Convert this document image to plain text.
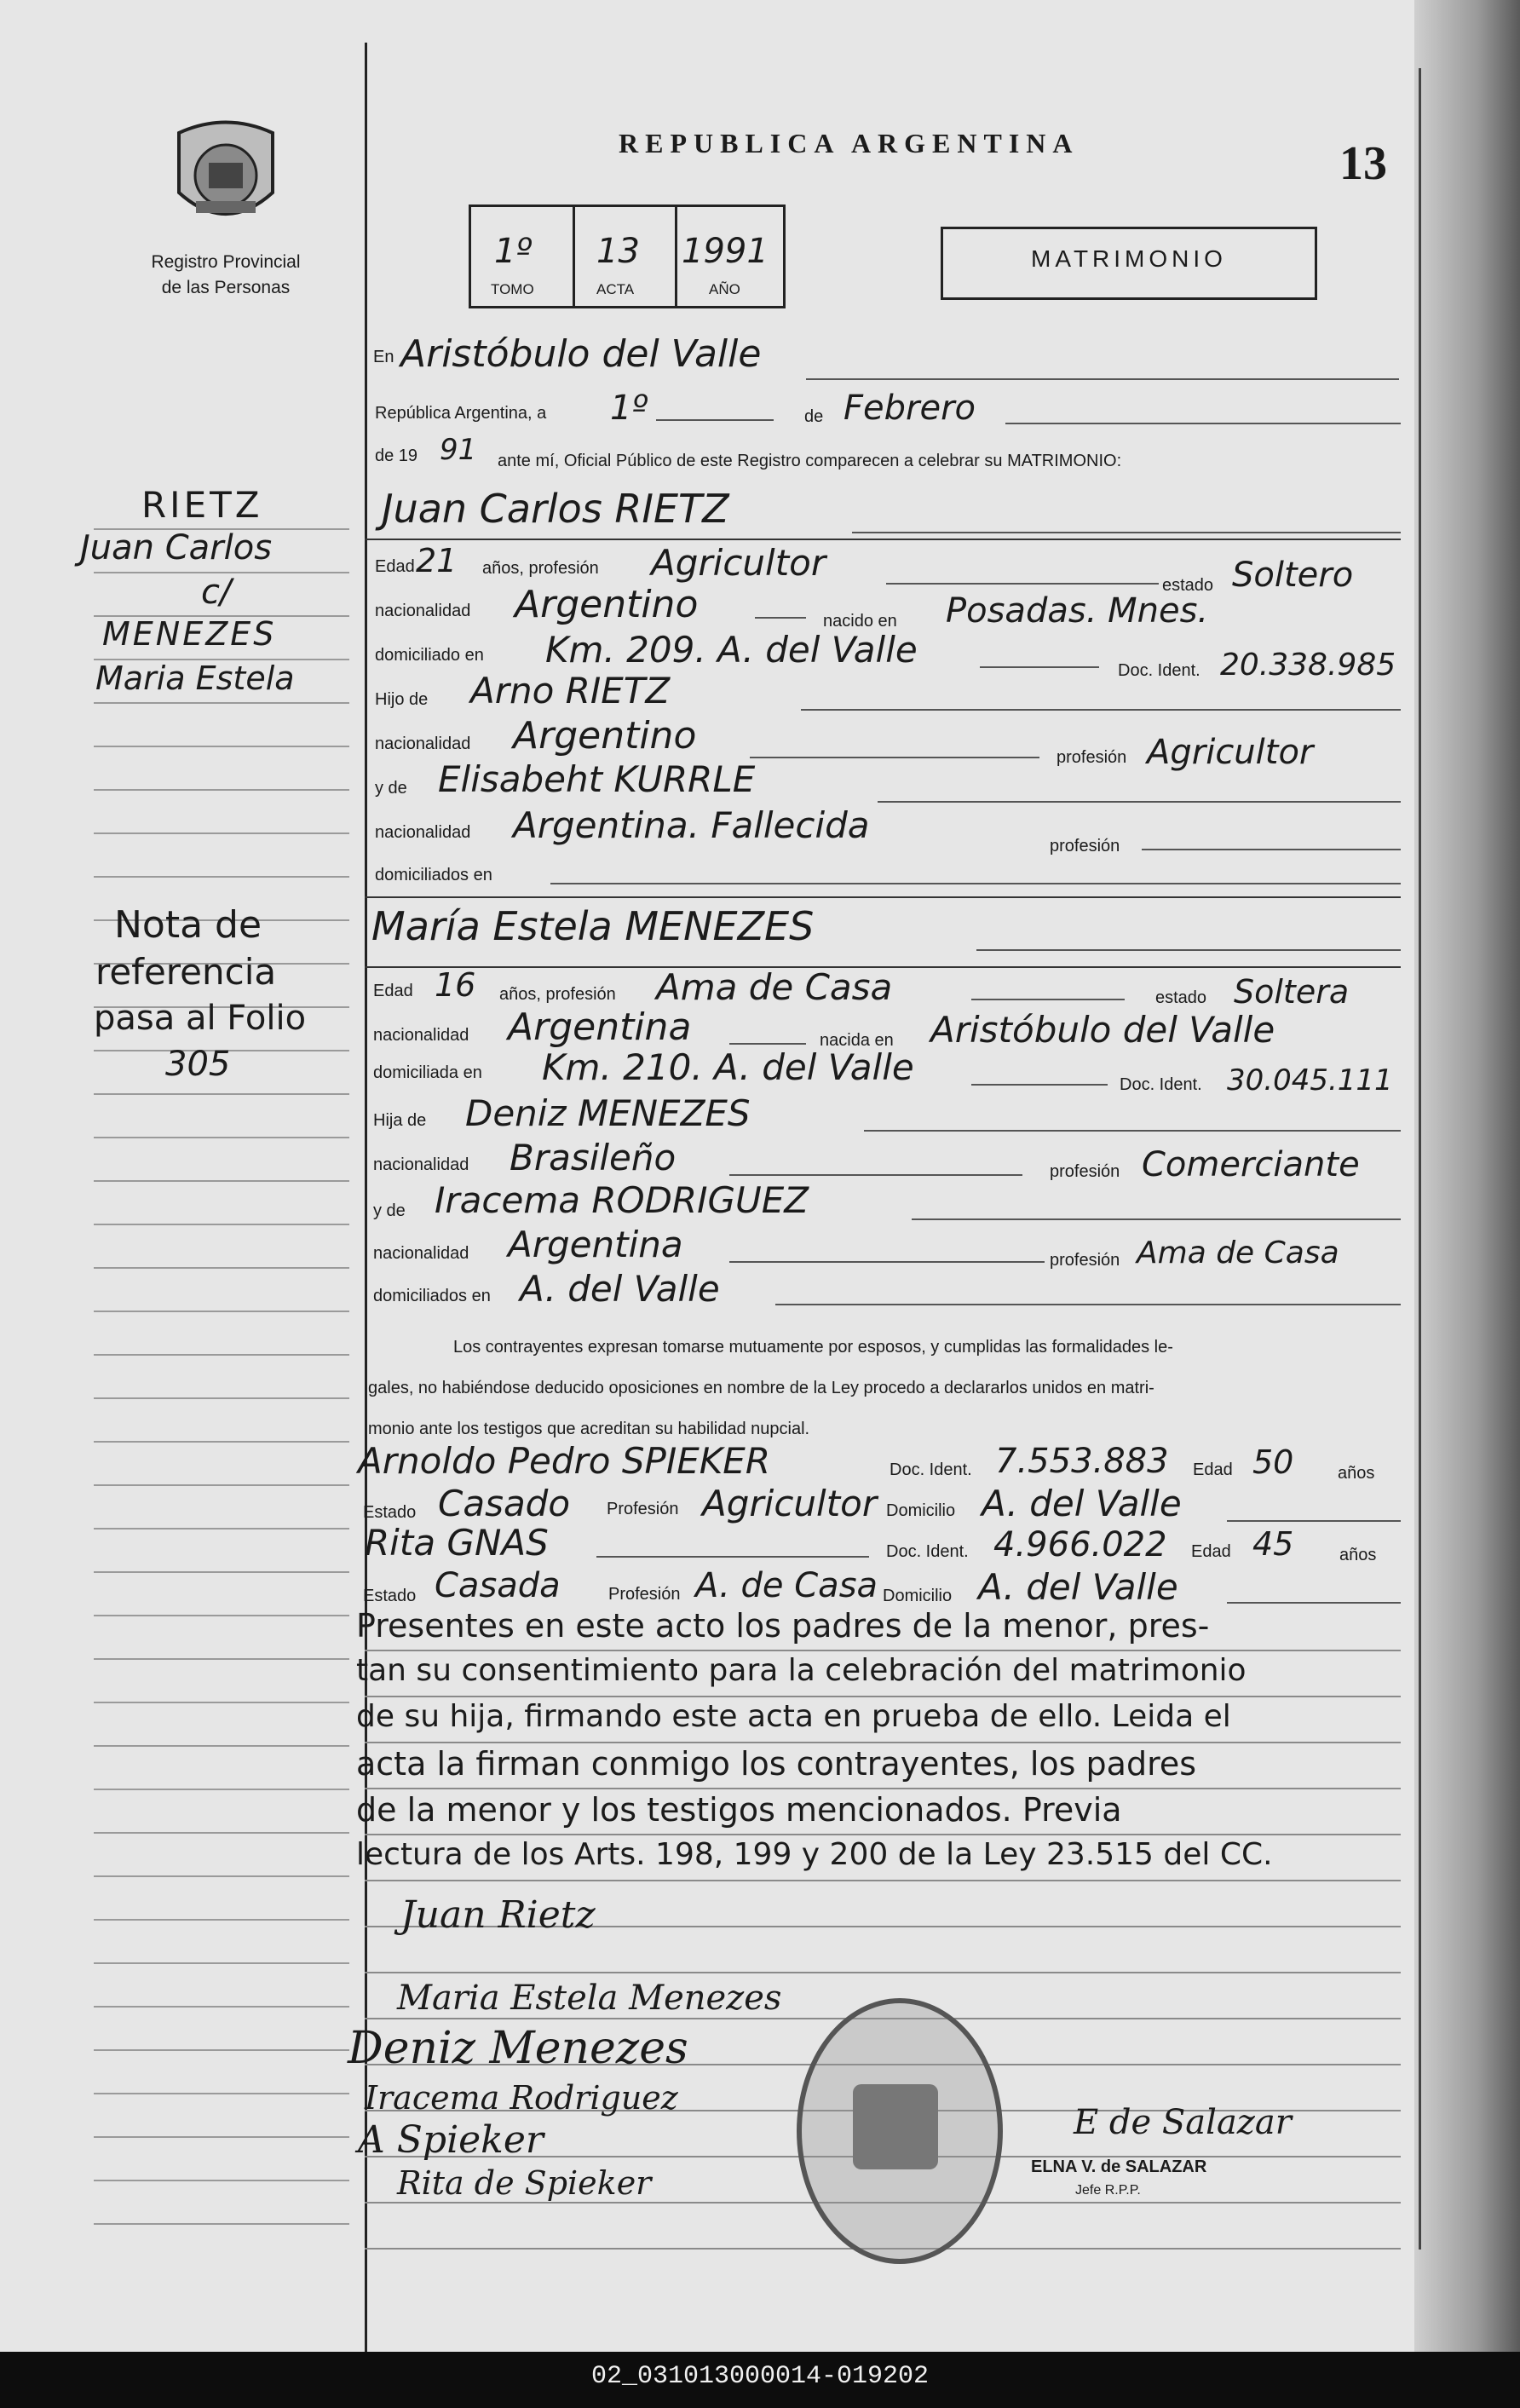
Registro Provincial
de las Personas
REPUBLICA ARGENTINA	13
1º 13 1991
TOMO	ACTA	AÑO
MATRIMONIO
En Aristóbulo del Valle
República Argentina, a 1º	de Febrero
de 19 91 ante mí, Oficial Público de este Registro comparecen a celebrar su MATRIMONIO:
Juan Carlos RIETZ
Edad 21 años, profesión Agricultor
estado Soltero
nacionalidad Argentino	nacido en Posadas. Mnes.
domiciliado en Km. 209. A. del Valle	Doc. Ident. 20.338.985
Hijo de Arno RIETZ
nacionalidad Argentino	profesión Agricultor
y de Elisabeht KURRLE
nacionalidad Argentina. Fallecida	profesión
domiciliados en
María Estela MENEZES
Edad 16 años, profesión Ama de Casa	estado Soltera
nacionalidad Argentina	nacida en Aristóbulo del Valle
domiciliada en Km. 210. A. del Valle	Doc. Ident. 30.045.111
Hija de Deniz MENEZES
nacionalidad Brasileño	profesión Comerciante
y de Iracema RODRIGUEZ
nacionalidad Argentina	profesión Ama de Casa
domiciliados en A. del Valle
Los contrayentes expresan tomarse mutuamente por esposos, y cumplidas las formalidades le-
gales, no habiéndose deducido oposiciones en nombre de la Ley procedo a declararlos unidos en matri-
monio ante los testigos que acreditan su habilidad nupcial.
Arnoldo Pedro SPIEKER	Doc. Ident. 7.553.883 Edad 50	años
Estado Casado Profesión Agricultor Domicilio A. del Valle
Rita GNAS	Doc. Ident. 4.966.022 Edad 45	años
Estado Casada	Profesión A. de Casa Domicilio A. del Valle
Presentes en este acto los padres de la menor, pres-
tan su consentimiento para la celebración del matrimonio
de su hija, firmando este acta en prueba de ello. Leida el
acta la firman conmigo los contrayentes, los padres
de la menor y los testigos mencionados. Previa
lectura de los Arts. 198, 199 y 200 de la Ley 23.515 del CC.
Juan Rietz
Maria Estela Menezes
Deniz Menezes
Iracema Rodriguez
A Spieker
Rita de Spieker
E de Salazar
ELNA V. de SALAZAR
Jefe R.P.P.
RIETZ
Juan Carlos
c/
MENEZES
Maria Estela
Nota de
referencia
pasa al Folio
305
02_031013000014-019202
